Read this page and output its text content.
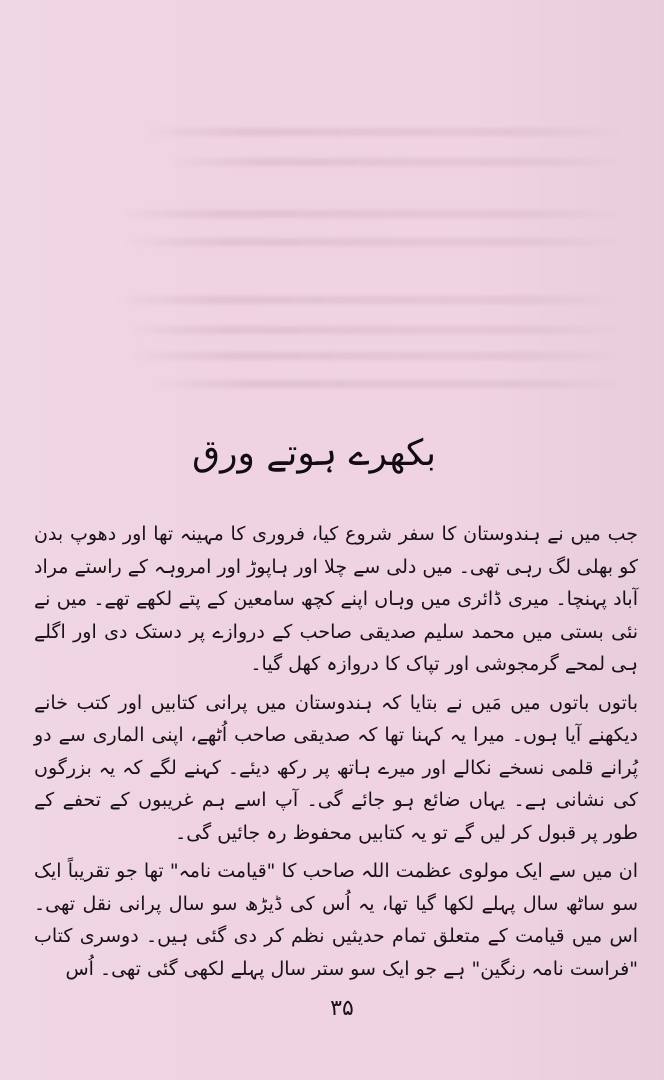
بکھرے ہوتے ورق

جب میں نے ہندوستان کا سفر شروع کیا، فروری کا مہینہ تھا اور دھوپ بدن کو بھلی لگ رہی تھی۔ میں دلی سے چلا اور ہاپوڑ اور امروہہ کے راستے مراد آباد پہنچا۔ میری ڈائری میں وہاں اپنے کچھ سامعین کے پتے لکھے تھے۔ میں نے نئی بستی میں محمد سلیم صدیقی صاحب کے دروازے پر دستک دی اور اگلے ہی لمحے گرمجوشی اور تپاک کا دروازہ کھل گیا۔

باتوں باتوں میں مَیں نے بتایا کہ ہندوستان میں پرانی کتابیں اور کتب خانے دیکھنے آیا ہوں۔ میرا یہ کہنا تھا کہ صدیقی صاحب اُٹھے، اپنی الماری سے دو پُرانے قلمی نسخے نکالے اور میرے ہاتھ پر رکھ دیئے۔ کہنے لگے کہ یہ بزرگوں کی نشانی ہے۔ یہاں ضائع ہو جائے گی۔ آپ اسے ہم غریبوں کے تحفے کے طور پر قبول کر لیں گے تو یہ کتابیں محفوظ رہ جائیں گی۔

ان میں سے ایک مولوی عظمت اللہ صاحب کا "قیامت نامہ" تھا جو تقریباً ایک سو ساٹھ سال پہلے لکھا گیا تھا، یہ اُس کی ڈیڑھ سو سال پرانی نقل تھی۔ اس میں قیامت کے متعلق تمام حدیثیں نظم کر دی گئی ہیں۔ دوسری کتاب "فراست نامہ رنگین" ہے جو ایک سو ستر سال پہلے لکھی گئی تھی۔ اُس

۳۵
